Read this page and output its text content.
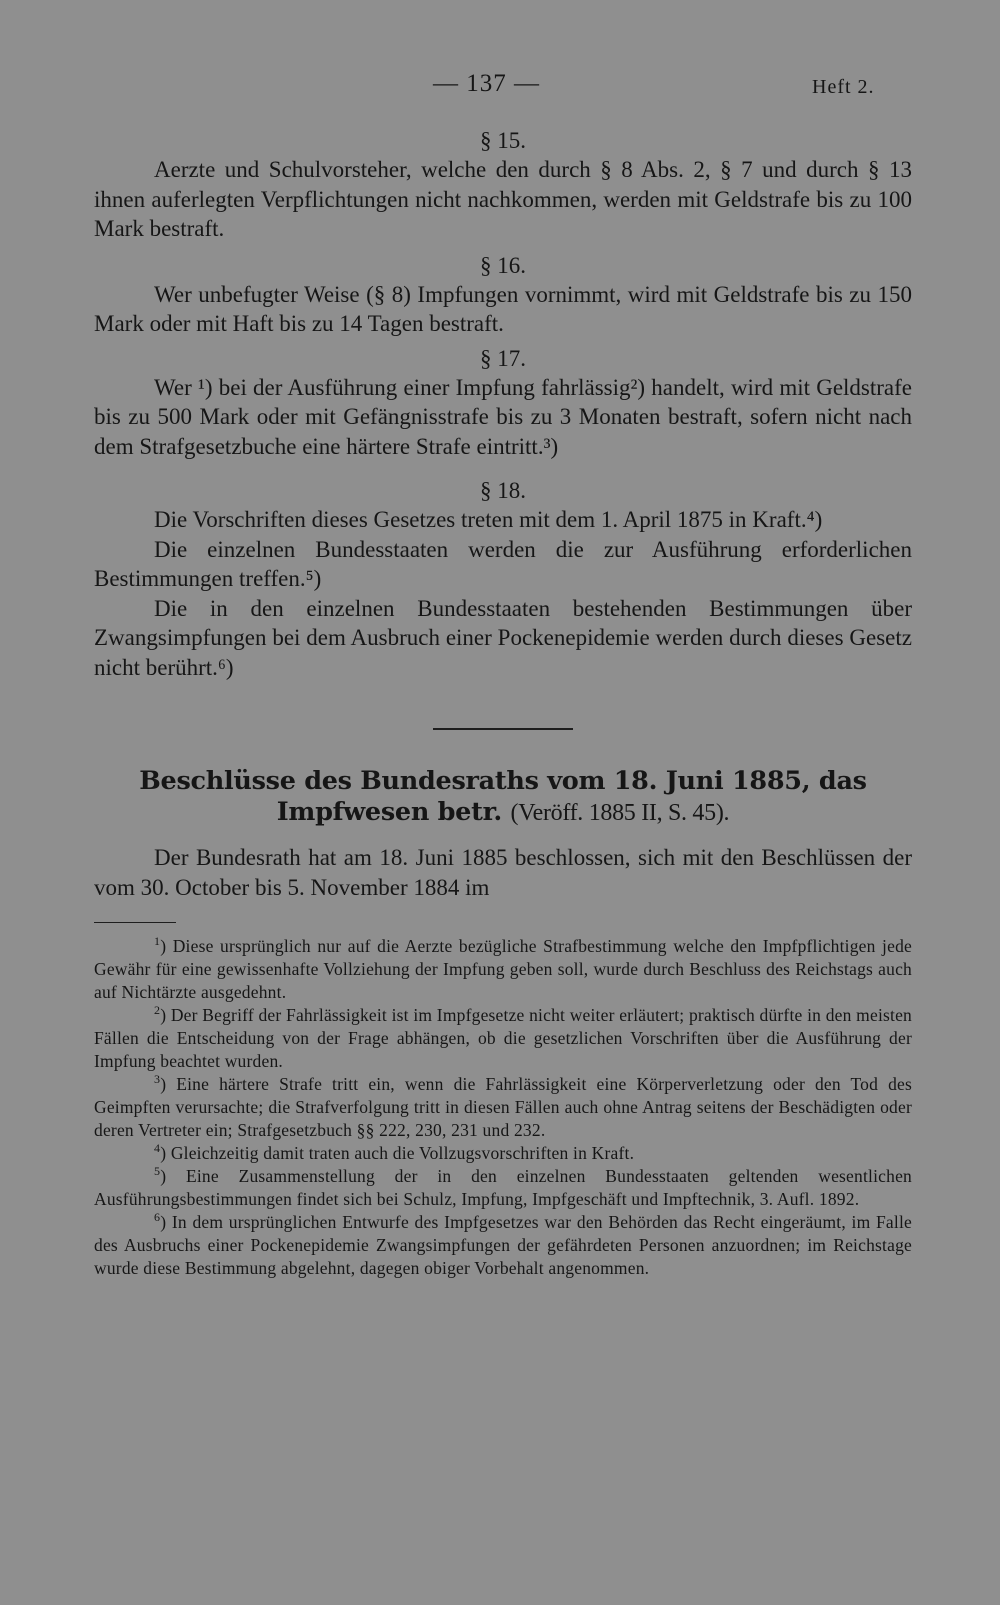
— 137 —	Heft 2.
§ 15.
Aerzte und Schulvorsteher, welche den durch § 8 Abs. 2, § 7 und durch § 13 ihnen auferlegten Verpflichtungen nicht nachkommen, werden mit Geldstrafe bis zu 100 Mark bestraft.
§ 16.
Wer unbefugter Weise (§ 8) Impfungen vornimmt, wird mit Geldstrafe bis zu 150 Mark oder mit Haft bis zu 14 Tagen bestraft.
§ 17.
Wer ¹) bei der Ausführung einer Impfung fahrlässig²) handelt, wird mit Geldstrafe bis zu 500 Mark oder mit Gefängnisstrafe bis zu 3 Monaten bestraft, sofern nicht nach dem Strafgesetzbuche eine härtere Strafe eintritt.³)
§ 18.
Die Vorschriften dieses Gesetzes treten mit dem 1. April 1875 in Kraft.⁴)
Die einzelnen Bundesstaaten werden die zur Ausführung erforderlichen Bestimmungen treffen.⁵)
Die in den einzelnen Bundesstaaten bestehenden Bestimmungen über Zwangsimpfungen bei dem Ausbruch einer Pockenepidemie werden durch dieses Gesetz nicht berührt.⁶)
Beschlüsse des Bundesraths vom 18. Juni 1885, das Impfwesen betr. (Veröff. 1885 II, S. 45).
Der Bundesrath hat am 18. Juni 1885 beschlossen, sich mit den Beschlüssen der vom 30. October bis 5. November 1884 im
$^1$) Diese ursprünglich nur auf die Aerzte bezügliche Strafbestimmung welche den Impfpflichtigen jede Gewähr für eine gewissenhafte Vollziehung der Impfung geben soll, wurde durch Beschluss des Reichstags auch auf Nichtärzte ausgedehnt.
$^2$) Der Begriff der Fahrlässigkeit ist im Impfgesetze nicht weiter erläutert; praktisch dürfte in den meisten Fällen die Entscheidung von der Frage abhängen, ob die gesetzlichen Vorschriften über die Ausführung der Impfung beachtet wurden.
$^3$) Eine härtere Strafe tritt ein, wenn die Fahrlässigkeit eine Körperverletzung oder den Tod des Geimpften verursachte; die Strafverfolgung tritt in diesen Fällen auch ohne Antrag seitens der Beschädigten oder deren Vertreter ein; Strafgesetzbuch §§ 222, 230, 231 und 232.
$^4$) Gleichzeitig damit traten auch die Vollzugsvorschriften in Kraft.
$^5$) Eine Zusammenstellung der in den einzelnen Bundesstaaten geltenden wesentlichen Ausführungsbestimmungen findet sich bei Schulz, Impfung, Impfgeschäft und Impftechnik, 3. Aufl. 1892.
$^6$) In dem ursprünglichen Entwurfe des Impfgesetzes war den Behörden das Recht eingeräumt, im Falle des Ausbruchs einer Pockenepidemie Zwangsimpfungen der gefährdeten Personen anzuordnen; im Reichstage wurde diese Bestimmung abgelehnt, dagegen obiger Vorbehalt angenommen.
